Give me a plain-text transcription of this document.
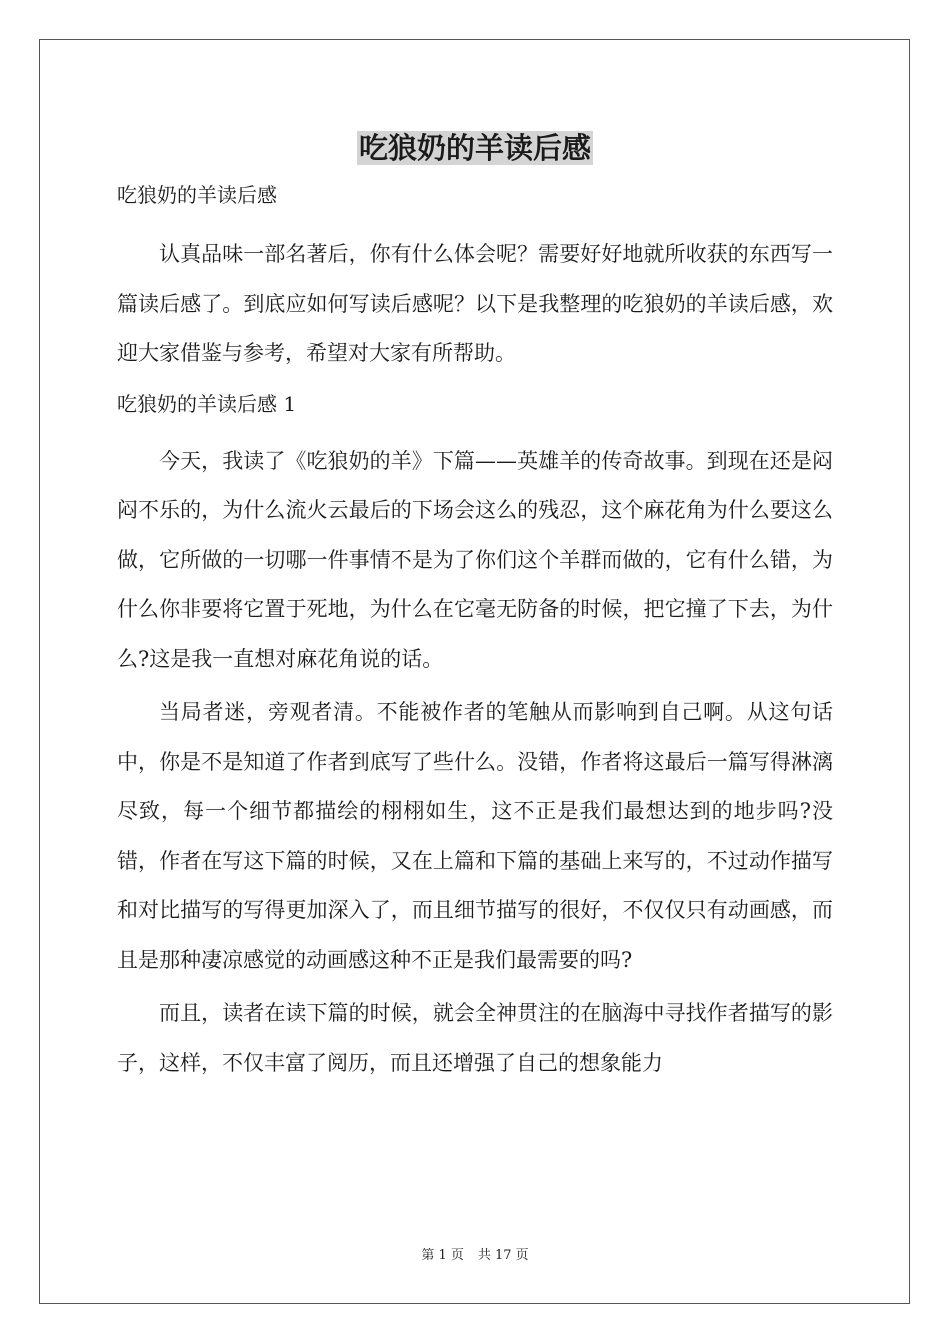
吃狼奶的羊读后感

吃狼奶的羊读后感

认真品味一部名著后，你有什么体会呢？需要好好地就所收获的东西写一篇读后感了。到底应如何写读后感呢？以下是我整理的吃狼奶的羊读后感，欢迎大家借鉴与参考，希望对大家有所帮助。

吃狼奶的羊读后感 1

今天，我读了《吃狼奶的羊》下篇——英雄羊的传奇故事。到现在还是闷闷不乐的，为什么流火云最后的下场会这么的残忍，这个麻花角为什么要这么做，它所做的一切哪一件事情不是为了你们这个羊群而做的，它有什么错，为什么你非要将它置于死地，为什么在它毫无防备的时候，把它撞了下去，为什么?这是我一直想对麻花角说的话。

当局者迷，旁观者清。不能被作者的笔触从而影响到自己啊。从这句话中，你是不是知道了作者到底写了些什么。没错，作者将这最后一篇写得淋漓尽致，每一个细节都描绘的栩栩如生，这不正是我们最想达到的地步吗?没错，作者在写这下篇的时候，又在上篇和下篇的基础上来写的，不过动作描写和对比描写的写得更加深入了，而且细节描写的很好，不仅仅只有动画感，而且是那种凄凉感觉的动画感这种不正是我们最需要的吗?

而且，读者在读下篇的时候，就会全神贯注的在脑海中寻找作者描写的影子，这样，不仅丰富了阅历，而且还增强了自己的想象能力

第 1 页 共 17 页
